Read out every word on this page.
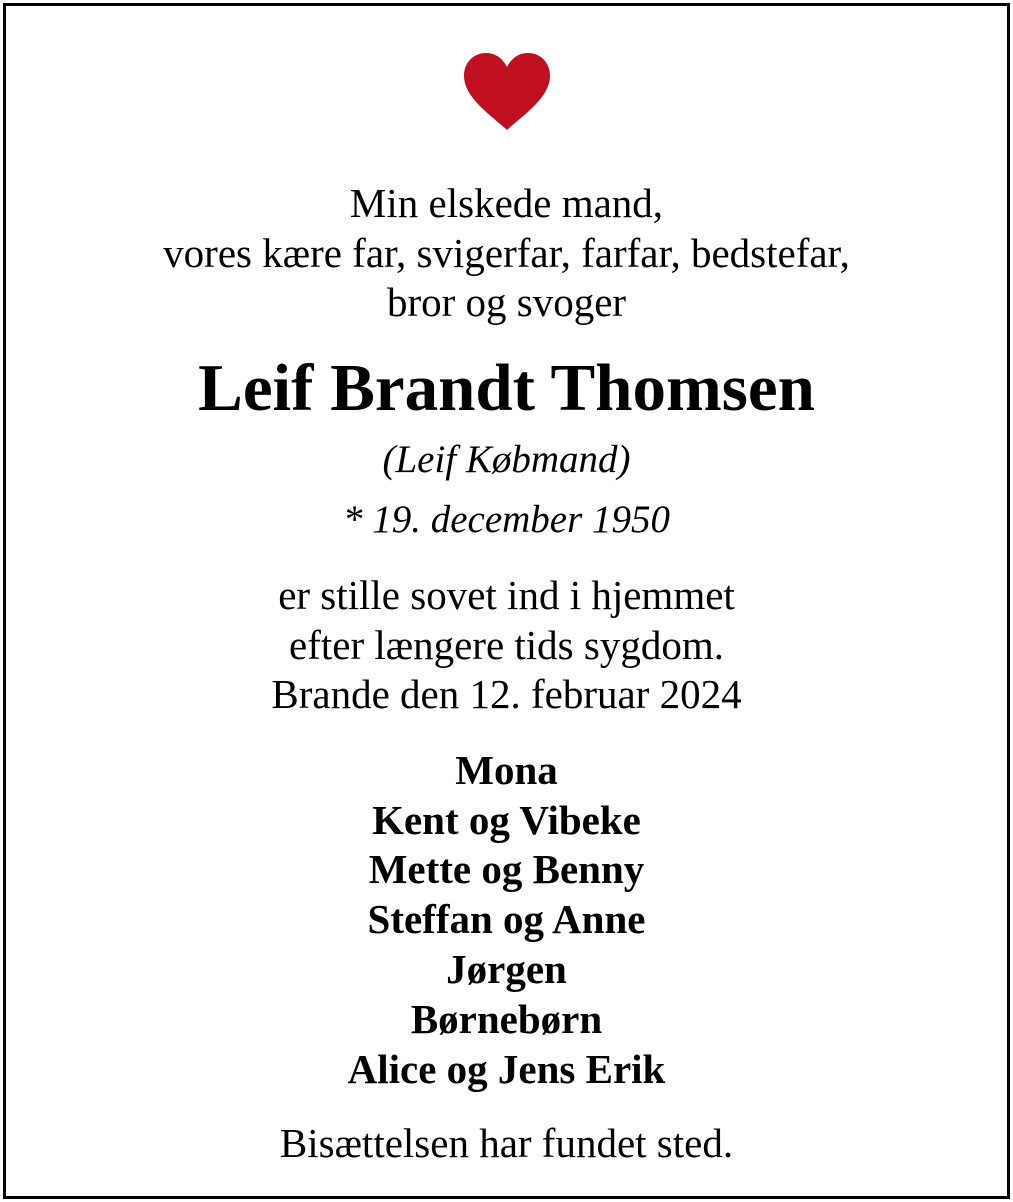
Min elskede mand,
vores kære far, svigerfar, farfar, bedstefar,
bror og svoger
Leif Brandt Thomsen
(Leif Købmand)
* 19. december 1950
er stille sovet ind i hjemmet
efter længere tids sygdom.
Brande den 12. februar 2024
Mona
Kent og Vibeke
Mette og Benny
Steffan og Anne
Jørgen
Børnebørn
Alice og Jens Erik
Bisættelsen har fundet sted.
